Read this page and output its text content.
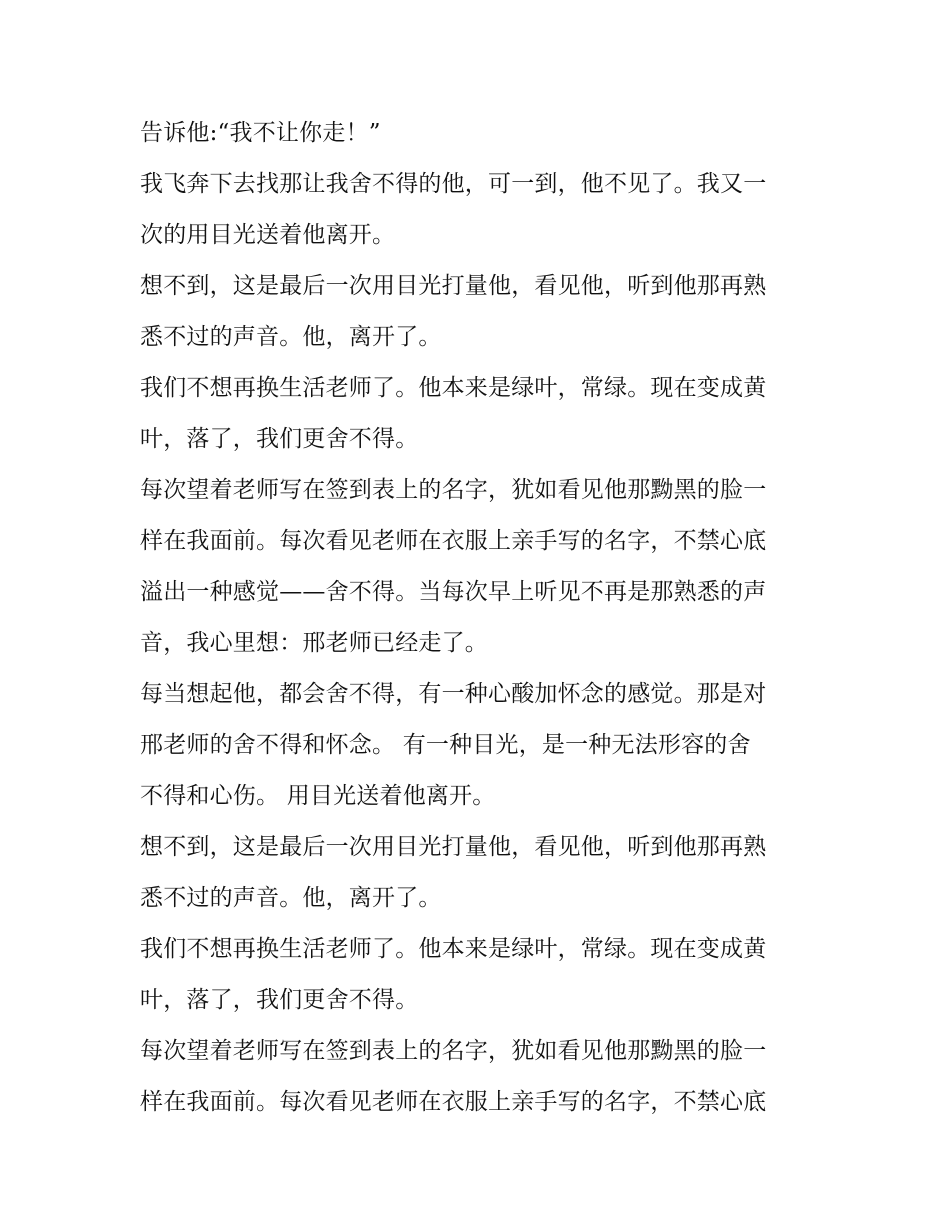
告诉他:“我不让你走！”
我飞奔下去找那让我舍不得的他，可一到，他不见了。我又一
次的用目光送着他离开。
想不到，这是最后一次用目光打量他，看见他，听到他那再熟
悉不过的声音。他，离开了。
我们不想再换生活老师了。他本来是绿叶，常绿。现在变成黄
叶，落了，我们更舍不得。
每次望着老师写在签到表上的名字，犹如看见他那黝黑的脸一
样在我面前。每次看见老师在衣服上亲手写的名字，不禁心底
溢出一种感觉——舍不得。当每次早上听见不再是那熟悉的声
音，我心里想：邢老师已经走了。
每当想起他，都会舍不得，有一种心酸加怀念的感觉。那是对
邢老师的舍不得和怀念。 有一种目光，是一种无法形容的舍
不得和心伤。 用目光送着他离开。
想不到，这是最后一次用目光打量他，看见他，听到他那再熟
悉不过的声音。他，离开了。
我们不想再换生活老师了。他本来是绿叶，常绿。现在变成黄
叶，落了，我们更舍不得。
每次望着老师写在签到表上的名字，犹如看见他那黝黑的脸一
样在我面前。每次看见老师在衣服上亲手写的名字，不禁心底
